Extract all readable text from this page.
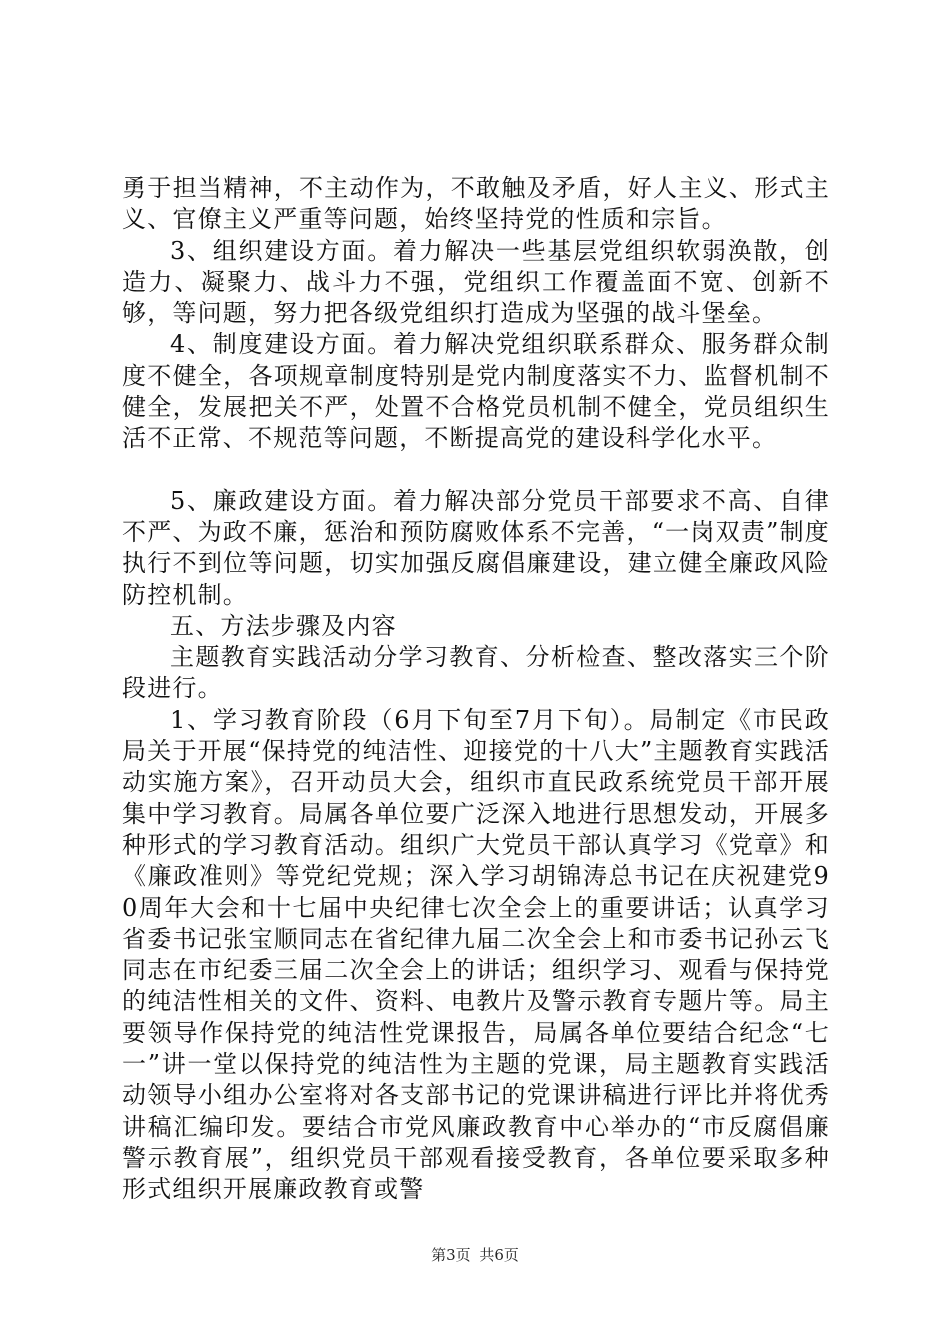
勇于担当精神，不主动作为，不敢触及矛盾，好人主义、形式主义、官僚主义严重等问题，始终坚持党的性质和宗旨。

3、组织建设方面。着力解决一些基层党组织软弱涣散，创造力、凝聚力、战斗力不强，党组织工作覆盖面不宽、创新不够，等问题，努力把各级党组织打造成为坚强的战斗堡垒。

4、制度建设方面。着力解决党组织联系群众、服务群众制度不健全，各项规章制度特别是党内制度落实不力、监督机制不健全，发展把关不严，处置不合格党员机制不健全，党员组织生活不正常、不规范等问题，不断提高党的建设科学化水平。

5、廉政建设方面。着力解决部分党员干部要求不高、自律不严、为政不廉，惩治和预防腐败体系不完善，“一岗双责”制度执行不到位等问题，切实加强反腐倡廉建设，建立健全廉政风险防控机制。

五、方法步骤及内容

主题教育实践活动分学习教育、分析检查、整改落实三个阶段进行。

1、学习教育阶段（6月下旬至7月下旬）。局制定《市民政局关于开展“保持党的纯洁性、迎接党的十八大”主题教育实践活动实施方案》，召开动员大会，组织市直民政系统党员干部开展集中学习教育。局属各单位要广泛深入地进行思想发动，开展多种形式的学习教育活动。组织广大党员干部认真学习《党章》和《廉政准则》等党纪党规；深入学习胡锦涛总书记在庆祝建党90周年大会和十七届中央纪律七次全会上的重要讲话；认真学习省委书记张宝顺同志在省纪律九届二次全会上和市委书记孙云飞同志在市纪委三届二次全会上的讲话；组织学习、观看与保持党的纯洁性相关的文件、资料、电教片及警示教育专题片等。局主要领导作保持党的纯洁性党课报告，局属各单位要结合纪念“七一”讲一堂以保持党的纯洁性为主题的党课，局主题教育实践活动领导小组办公室将对各支部书记的党课讲稿进行评比并将优秀讲稿汇编印发。要结合市党风廉政教育中心举办的“市反腐倡廉警示教育展”，组织党员干部观看接受教育，各单位要采取多种形式组织开展廉政教育或警

第3页 共6页
